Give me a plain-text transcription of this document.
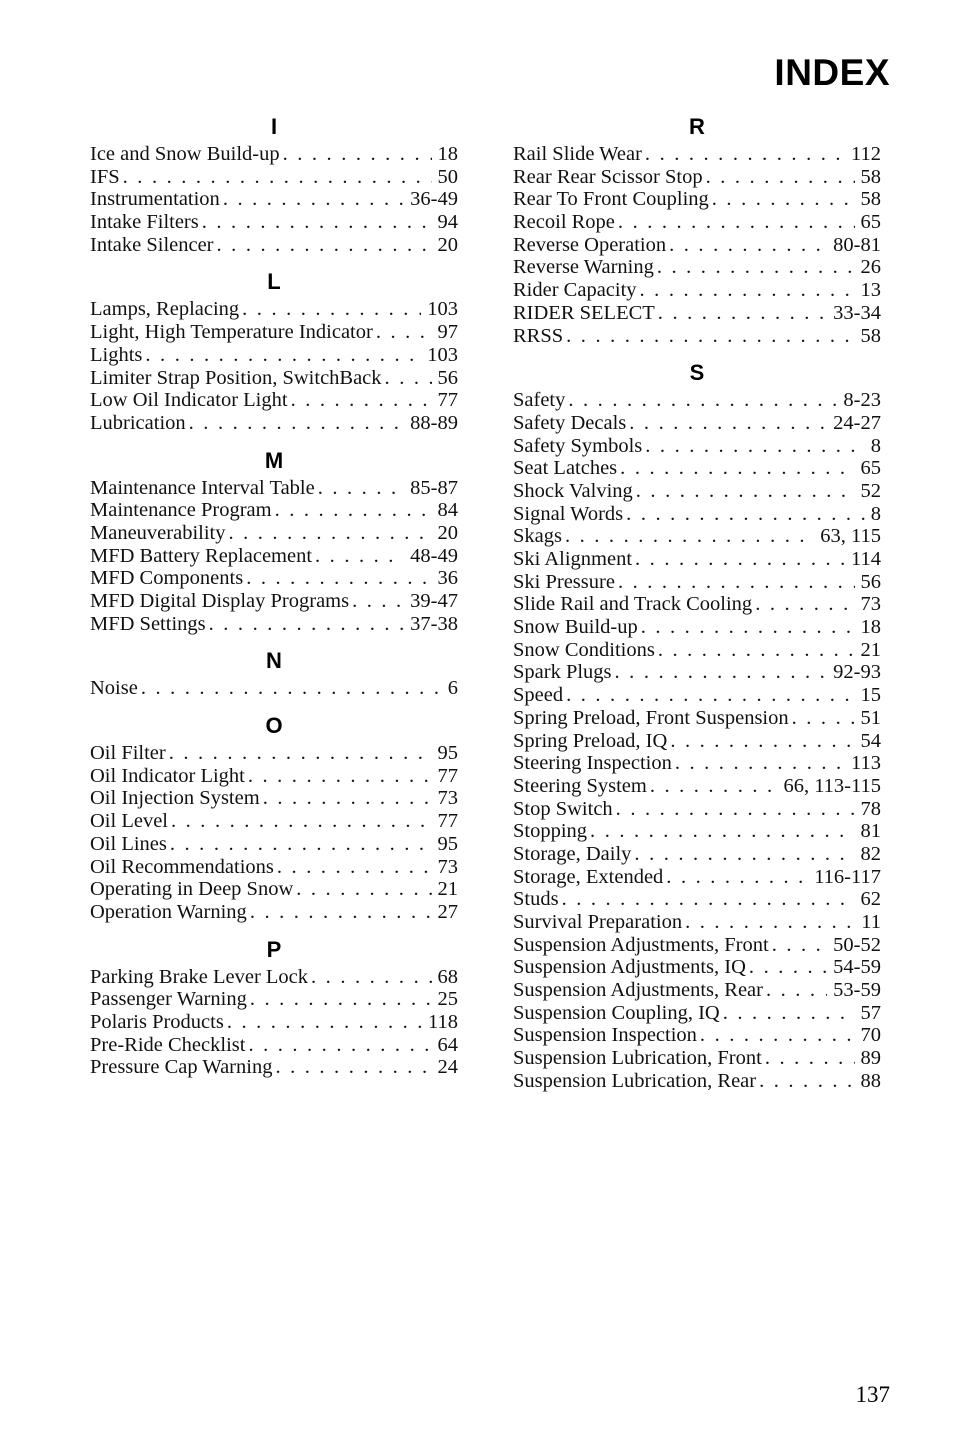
INDEX
I
Ice and Snow Build-up . . .	18
IFS . . .	50
Instrumentation . . .	36-49
Intake Filters . . .	94
Intake Silencer . . .	20
L
Lamps, Replacing . . .	103
Light, High Temperature Indicator . . .	97
Lights . . .	103
Limiter Strap Position, SwitchBack . . .	56
Low Oil Indicator Light . . .	77
Lubrication . . .	88-89
M
Maintenance Interval Table . . .	85-87
Maintenance Program . . .	84
Maneuverability . . .	20
MFD Battery Replacement . . .	48-49
MFD Components . . .	36
MFD Digital Display Programs . . .	39-47
MFD Settings . . .	37-38
N
Noise . . .	6
O
Oil Filter . . .	95
Oil Indicator Light . . .	77
Oil Injection System . . .	73
Oil Level . . .	77
Oil Lines . . .	95
Oil Recommendations . . .	73
Operating in Deep Snow . . .	21
Operation Warning . . .	27
P
Parking Brake Lever Lock . . .	68
Passenger Warning . . .	25
Polaris Products . . .	118
Pre-Ride Checklist . . .	64
Pressure Cap Warning . . .	24
R
Rail Slide Wear . . .	112
Rear Rear Scissor Stop . . .	58
Rear To Front Coupling . . .	58
Recoil Rope . . .	65
Reverse Operation . . .	80-81
Reverse Warning . . .	26
Rider Capacity . . .	13
RIDER SELECT . . .	33-34
RRSS . . .	58
S
Safety . . .	8-23
Safety Decals . . .	24-27
Safety Symbols . . .	8
Seat Latches . . .	65
Shock Valving . . .	52
Signal Words . . .	8
Skags . . .	63, 115
Ski Alignment . . .	114
Ski Pressure . . .	56
Slide Rail and Track Cooling . . .	73
Snow Build-up . . .	18
Snow Conditions . . .	21
Spark Plugs . . .	92-93
Speed . . .	15
Spring Preload, Front Suspension . . .	51
Spring Preload, IQ . . .	54
Steering Inspection . . .	113
Steering System . . .	66, 113-115
Stop Switch . . .	78
Stopping . . .	81
Storage, Daily . . .	82
Storage, Extended . . .	116-117
Studs . . .	62
Survival Preparation . . .	11
Suspension Adjustments, Front . . .	50-52
Suspension Adjustments, IQ . . .	54-59
Suspension Adjustments, Rear . . .	53-59
Suspension Coupling, IQ . . .	57
Suspension Inspection . . .	70
Suspension Lubrication, Front . . .	89
Suspension Lubrication, Rear . . .	88
137
